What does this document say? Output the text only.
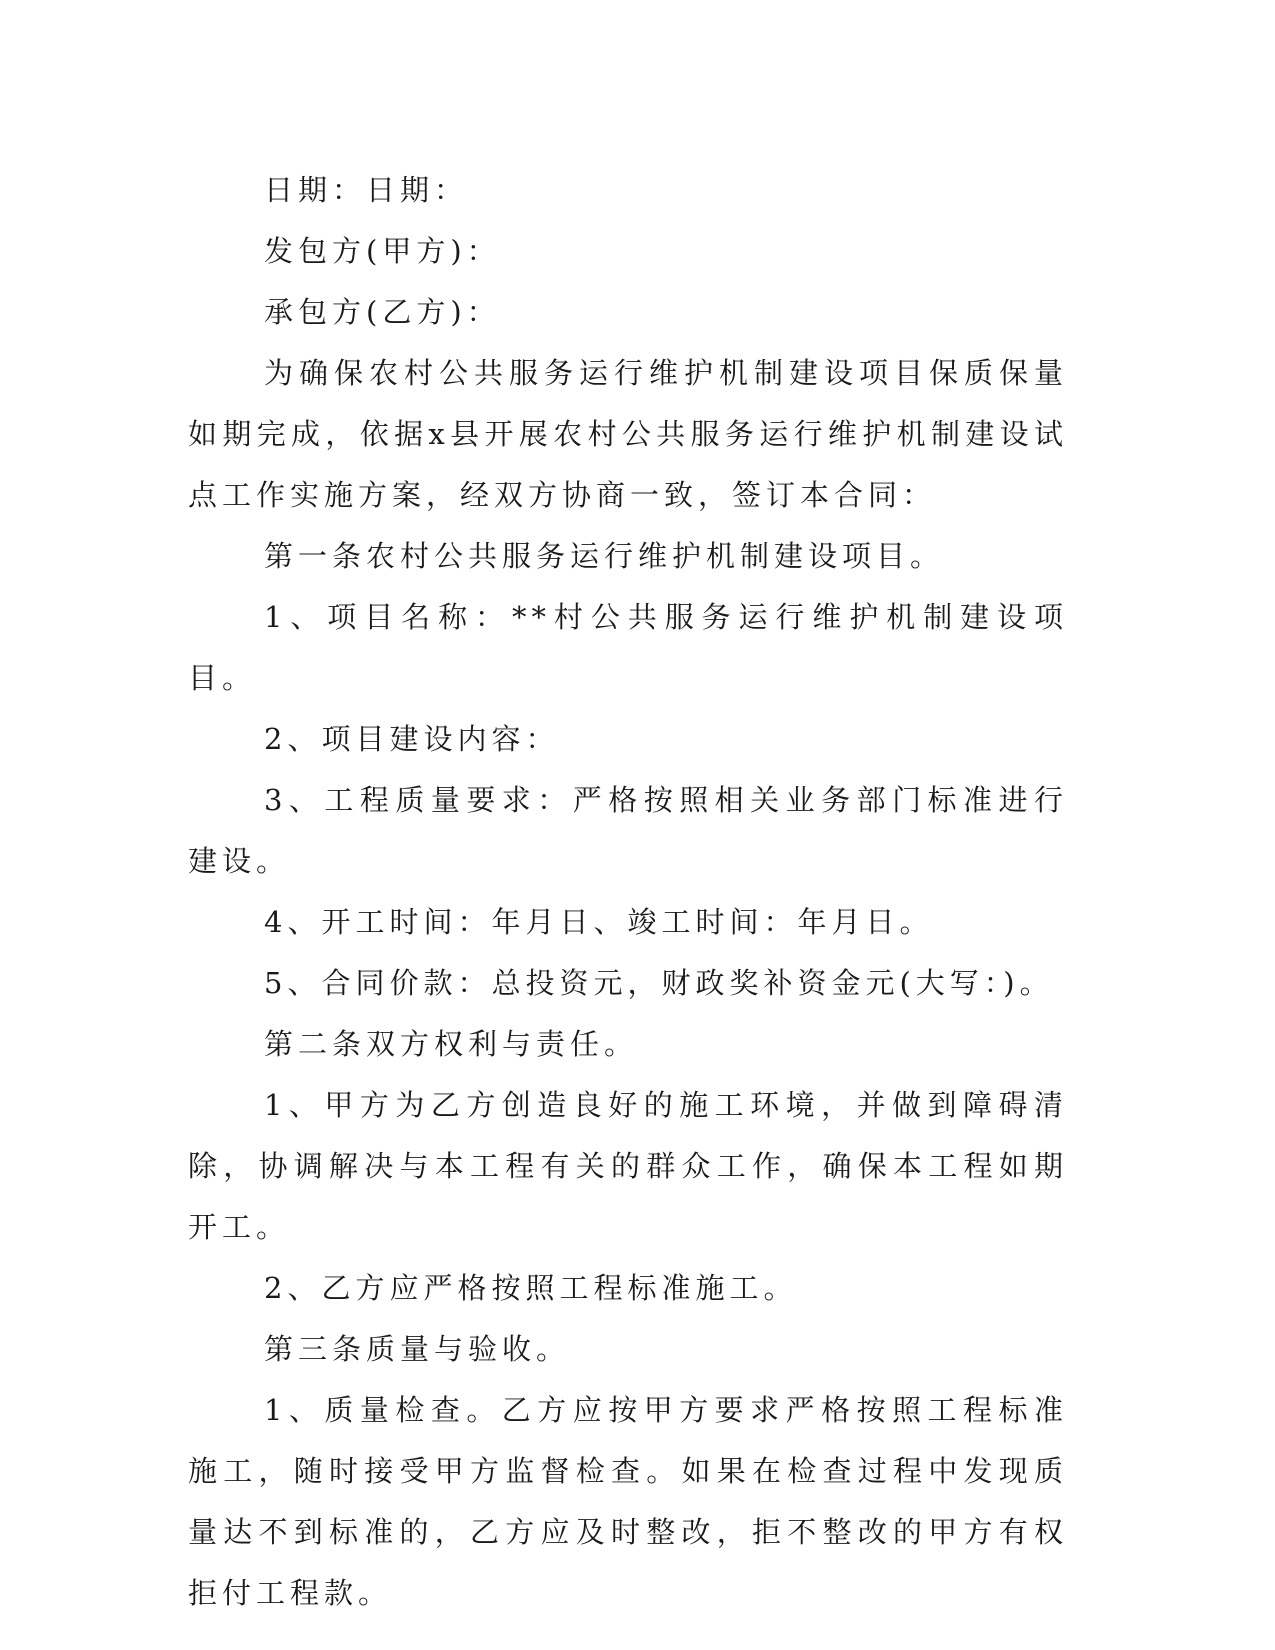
日期：日期：

发包方(甲方)：

承包方(乙方)：

为确保农村公共服务运行维护机制建设项目保质保量如期完成，依据x县开展农村公共服务运行维护机制建设试点工作实施方案，经双方协商一致，签订本合同：

第一条农村公共服务运行维护机制建设项目。

1、项目名称：**村公共服务运行维护机制建设项目。

2、项目建设内容：

3、工程质量要求：严格按照相关业务部门标准进行建设。

4、开工时间：年月日、竣工时间：年月日。

5、合同价款：总投资元，财政奖补资金元(大写：)。

第二条双方权利与责任。

1、甲方为乙方创造良好的施工环境，并做到障碍清除，协调解决与本工程有关的群众工作，确保本工程如期开工。

2、乙方应严格按照工程标准施工。

第三条质量与验收。

1、质量检查。乙方应按甲方要求严格按照工程标准施工，随时接受甲方监督检查。如果在检查过程中发现质量达不到标准的，乙方应及时整改，拒不整改的甲方有权拒付工程款。
